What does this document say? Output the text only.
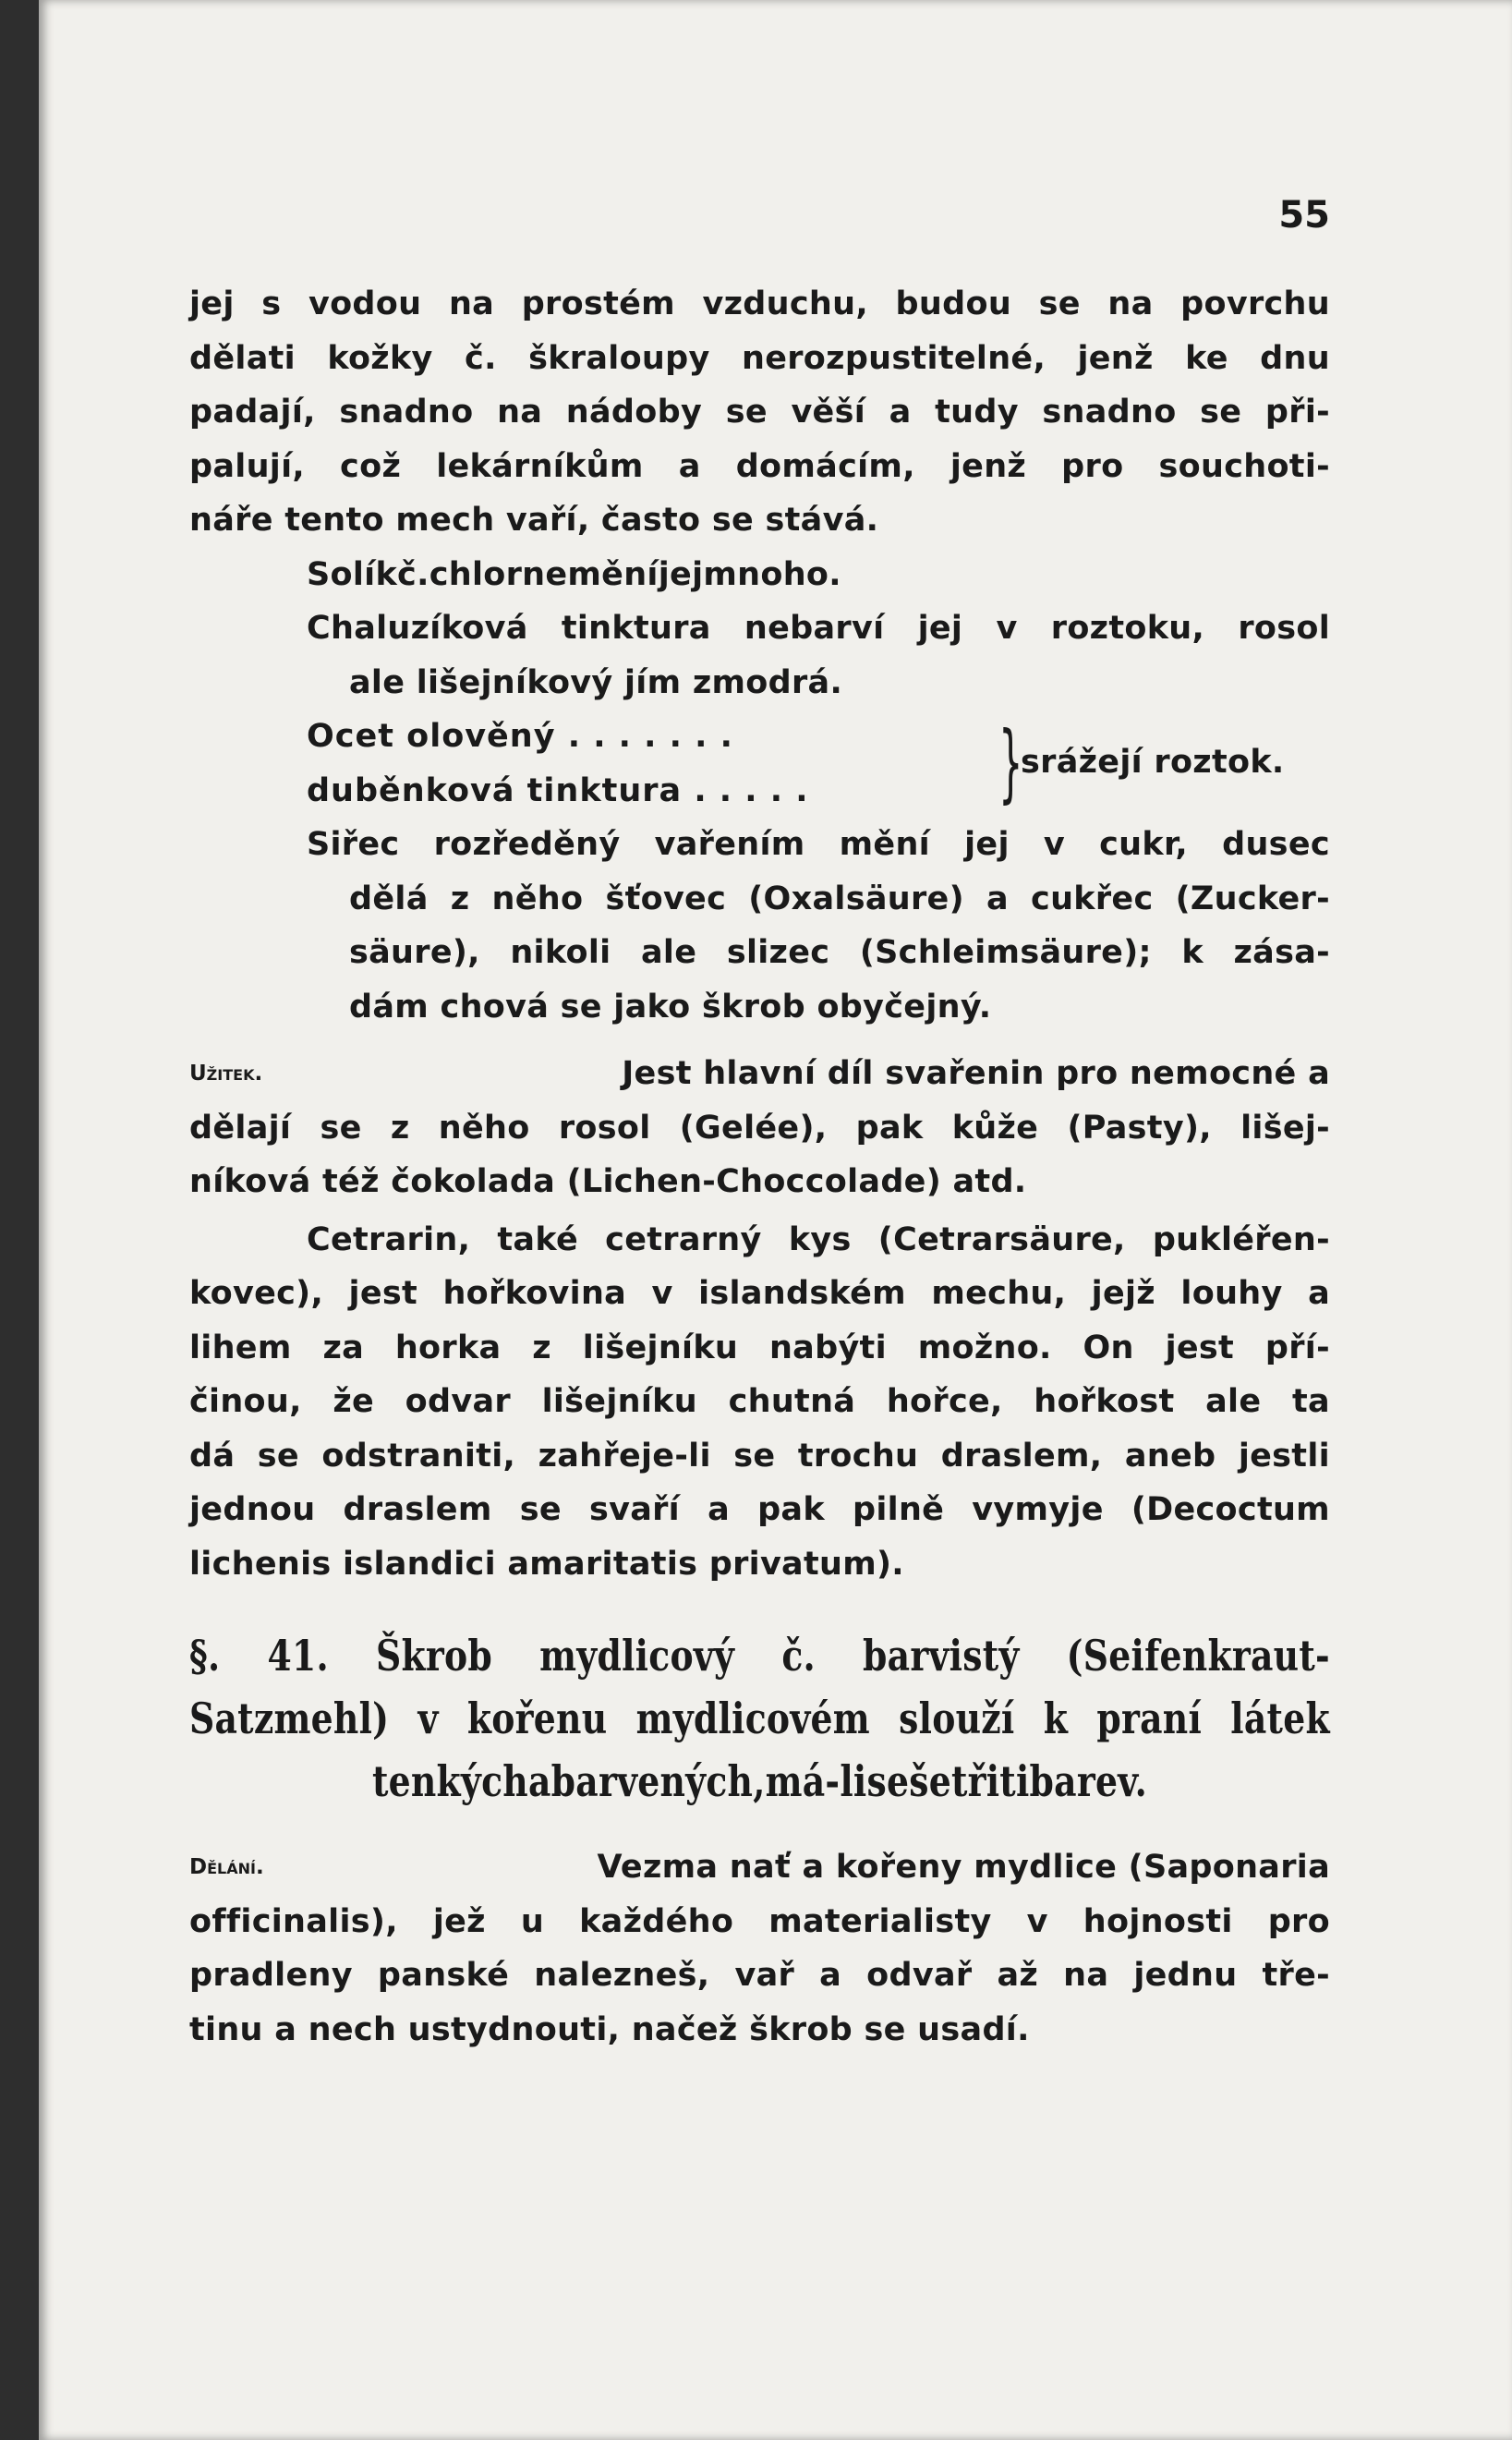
55
jej s vodou na prostém vzduchu, budou se na povrchu
dělati kožky č. škraloupy nerozpustitelné, jenž ke dnu
padají, snadno na nádoby se věší a tudy snadno se při-
palují, což lekárníkům a domácím, jenž pro souchoti-
náře tento mech vaří, často se stává.
Solík č. chlor nemění jej mnoho.
Chaluzíková tinktura nebarví jej v roztoku, rosol
ale lišejníkový jím zmodrá.
Ocet olověný . . . . . . .
duběnková tinktura . . . . . }
srážejí roztok.
Siřec rozředěný vařením mění jej v cukr, dusec
dělá z něho šťovec (Oxalsäure) a cukřec (Zucker-
säure), nikoli ale slizec (Schleimsäure); k zása-
dám chová se jako škrob obyčejný.
Užitek.	Jest hlavní díl svařenin pro nemocné a
dělají se z něho rosol (Gelée), pak kůže (Pasty), lišej-
níková též čokolada (Lichen-Choccolade) atd.
Cetrarin, také cetrarný kys (Cetrarsäure, pukléřen-
kovec), jest hořkovina v islandském mechu, jejž louhy a
lihem za horka z lišejníku nabýti možno. On jest pří-
činou, že odvar lišejníku chutná hořce, hořkost ale ta
dá se odstraniti, zahřeje-li se trochu draslem, aneb jestli
jednou draslem se svaří a pak pilně vymyje (Decoctum
lichenis islandici amaritatis privatum).
§. 41. Škrob mydlicový č. barvistý (Seifenkraut-
Satzmehl) v kořenu mydlicovém slouží k praní látek
tenkých a barvených, má-li se šetřiti barev.
Dělání.	Vezma nať a kořeny mydlice (Saponaria
officinalis), jež u každého materialisty v hojnosti pro
pradleny panské nalezneš, vař a odvař až na jednu tře-
tinu a nech ustydnouti, načež škrob se usadí.
